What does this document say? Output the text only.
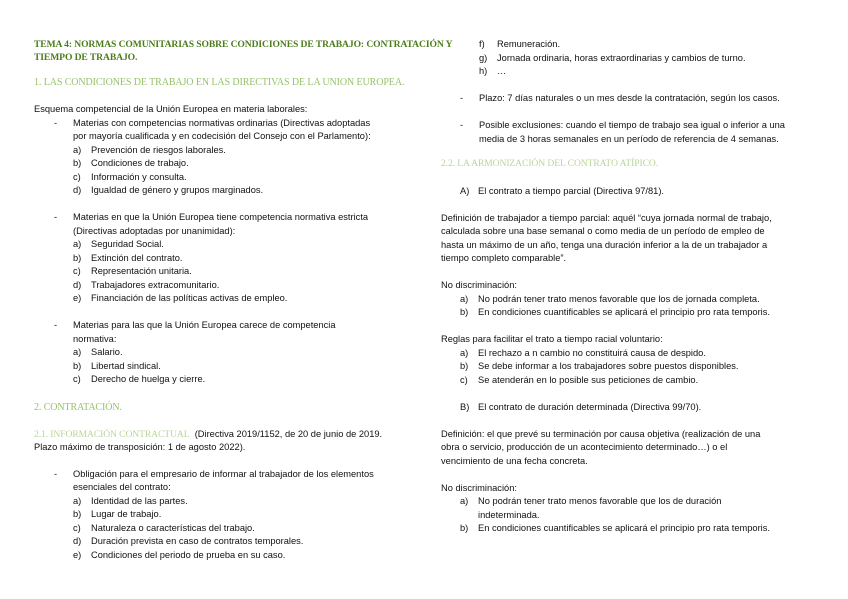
TEMA 4: NORMAS COMUNITARIAS SOBRE CONDICIONES DE TRABAJO: CONTRATACIÓN Y
TIEMPO DE TRABAJO.
1. LAS CONDICIONES DE TRABAJO EN LAS DIRECTIVAS DE LA UNION EUROPEA.
Esquema competencial de la Unión Europea en materia laborales:
- Materias con competencias normativas ordinarias (Directivas adoptadas
por mayoría cualificada y en codecisión del Consejo con el Parlamento):
a) Prevención de riesgos laborales.
b) Condiciones de trabajo.
c) Información y consulta.
d) Igualdad de género y grupos marginados.
- Materias en que la Unión Europea tiene competencia normativa estricta
(Directivas adoptadas por unanimidad):
a) Seguridad Social.
b) Extinción del contrato.
c) Representación unitaria.
d) Trabajadores extracomunitario.
e) Financiación de las políticas activas de empleo.
- Materias para las que la Unión Europea carece de competencia
normativa:
a) Salario.
b) Libertad sindical.
c) Derecho de huelga y cierre.
2. CONTRATACIÓN.
2.1. INFORMACIÓN CONTRACTUAL (Directiva 2019/1152, de 20 de junio de 2019.
Plazo máximo de transposición: 1 de agosto 2022).
- Obligación para el empresario de informar al trabajador de los elementos
esenciales del contrato:
a) Identidad de las partes.
b) Lugar de trabajo.
c) Naturaleza o características del trabajo.
d) Duración prevista en caso de contratos temporales.
e) Condiciones del periodo de prueba en su caso.
f) Remuneración.
g) Jornada ordinaria, horas extraordinarias y cambios de turno.
h) …
- Plazo: 7 días naturales o un mes desde la contratación, según los casos.
- Posible exclusiones: cuando el tiempo de trabajo sea igual o inferior a una
media de 3 horas semanales en un período de referencia de 4 semanas.
2.2. LA ARMONIZACIÓN DEL CONTRATO ATÍPICO.
A) El contrato a tiempo parcial (Directiva 97/81).
Definición de trabajador a tiempo parcial: aquél “cuya jornada normal de trabajo,
calculada sobre una base semanal o como media de un período de empleo de
hasta un máximo de un año, tenga una duración inferior a la de un trabajador a
tiempo completo comparable”.
No discriminación:
a) No podrán tener trato menos favorable que los de jornada completa.
b) En condiciones cuantificables se aplicará el principio pro rata temporis.
Reglas para facilitar el trato a tiempo racial voluntario:
a) El rechazo a n cambio no constituirá causa de despido.
b) Se debe informar a los trabajadores sobre puestos disponibles.
c) Se atenderán en lo posible sus peticiones de cambio.
B) El contrato de duración determinada (Directiva 99/70).
Definición: el que prevé su terminación por causa objetiva (realización de una
obra o servicio, producción de un acontecimiento determinado…) o el
vencimiento de una fecha concreta.
No discriminación:
a) No podrán tener trato menos favorable que los de duración
indeterminada.
b) En condiciones cuantificables se aplicará el principio pro rata temporis.
